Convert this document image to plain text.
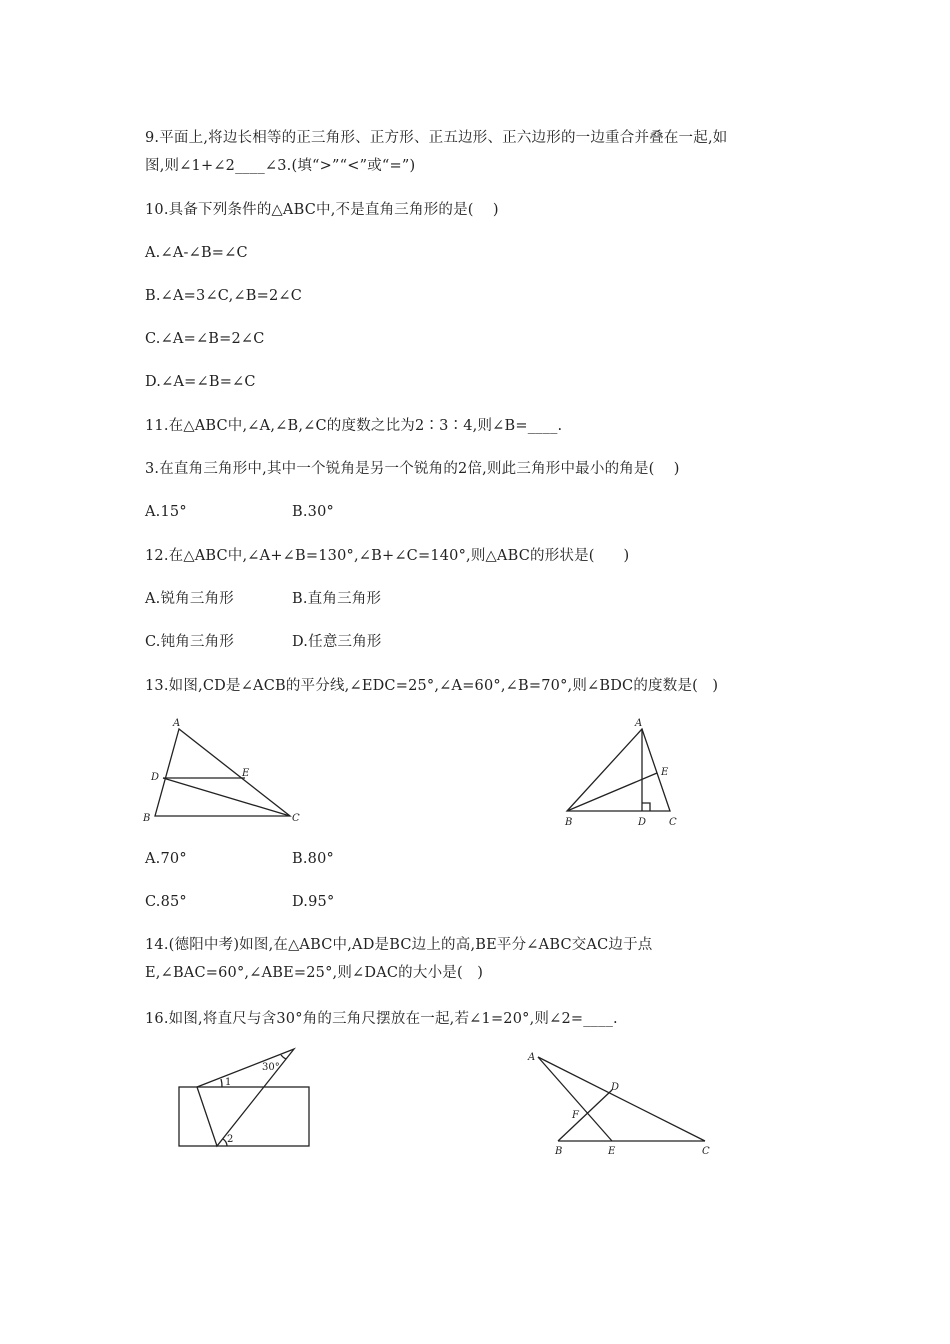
9.平面上,将边长相等的正三角形、正方形、正五边形、正六边形的一边重合并叠在一起,如
图,则∠1+∠2____∠3.(填“>”“<”或“=”)
10.具备下列条件的△ABC中,不是直角三角形的是(    )
A.∠A-∠B=∠C
B.∠A=3∠C,∠B=2∠C
C.∠A=∠B=2∠C
D.∠A=∠B=∠C
11.在△ABC中,∠A,∠B,∠C的度数之比为2∶3∶4,则∠B=____.
3.在直角三角形中,其中一个锐角是另一个锐角的2倍,则此三角形中最小的角是(    )
A.15°	B.30°
12.在△ABC中,∠A+∠B=130°,∠B+∠C=140°,则△ABC的形状是(      )
A.锐角三角形	B.直角三角形
C.钝角三角形	D.任意三角形
13.如图,CD是∠ACB的平分线,∠EDC=25°,∠A=60°,∠B=70°,则∠BDC的度数是(   )
A
D	E
B	C
A
E
B	D C
A.70°	B.80°
C.85°	D.95°
14.(德阳中考)如图,在△ABC中,AD是BC边上的高,BE平分∠ABC交AC边于点
E,∠BAC=60°,∠ABE=25°,则∠DAC的大小是(   )
16.如图,将直尺与含30°角的三角尺摆放在一起,若∠1=20°,则∠2=____.
30°
1
2
A
D
F
B	E	C
